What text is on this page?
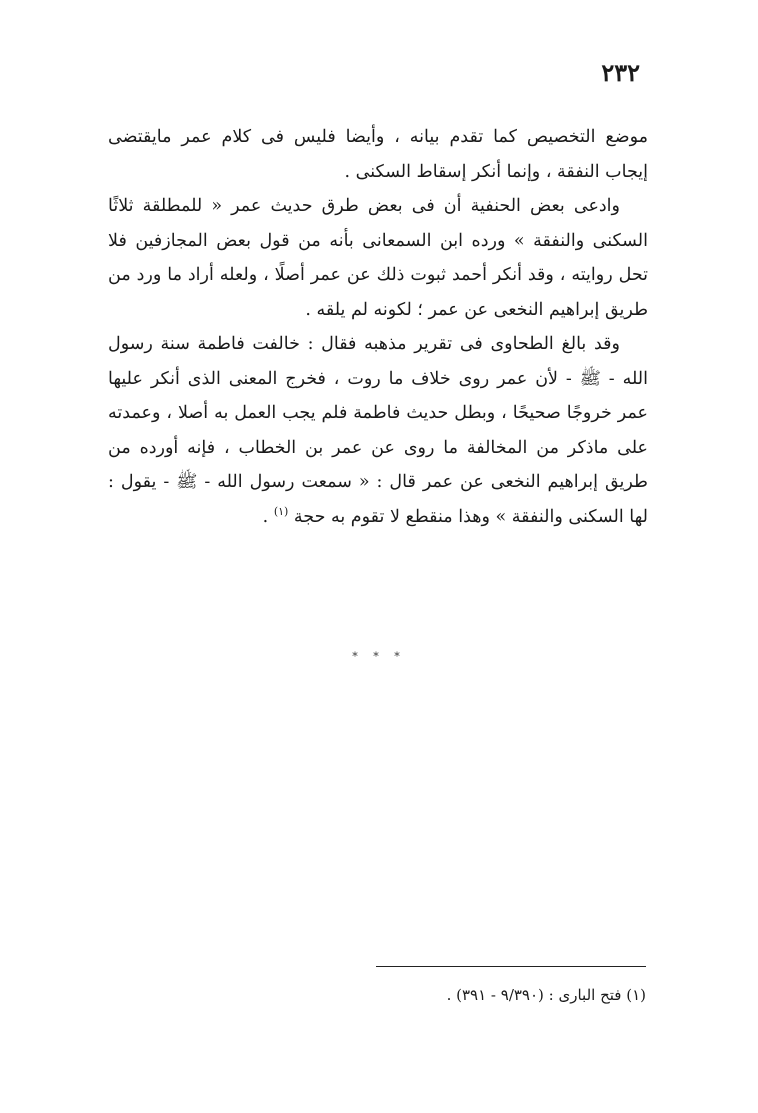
٢٣٢

موضع التخصيص كما تقدم بيانه ، وأيضا فليس فى كلام عمر مايقتضى إيجاب النفقة ، وإنما أنكر إسقاط السكنى .

وادعى بعض الحنفية أن فى بعض طرق حديث عمر « للمطلقة ثلاثًا السكنى والنفقة » ورده ابن السمعانى بأنه من قول بعض المجازفين فلا تحل روايته ، وقد أنكر أحمد ثبوت ذلك عن عمر أصلًا ، ولعله أراد ما ورد من طريق إبراهيم النخعى عن عمر ؛ لكونه لم يلقه .

وقد بالغ الطحاوى فى تقرير مذهبه فقال : خالفت فاطمة سنة رسول الله - ﷺ - لأن عمر روى خلاف ما روت ، فخرج المعنى الذى أنكر عليها عمر خروجًا صحيحًا ، وبطل حديث فاطمة فلم يجب العمل به أصلا ، وعمدته على ماذكر من المخالفة ما روى عن عمر بن الخطاب ، فإنه أورده من طريق إبراهيم النخعى عن عمر قال : « سمعت رسول الله - ﷺ - يقول : لها السكنى والنفقة » وهذا منقطع لا تقوم به حجة $^{(١)}$ .

* * *
(١) فتح البارى : (٩/٣٩٠ - ٣٩١) .
